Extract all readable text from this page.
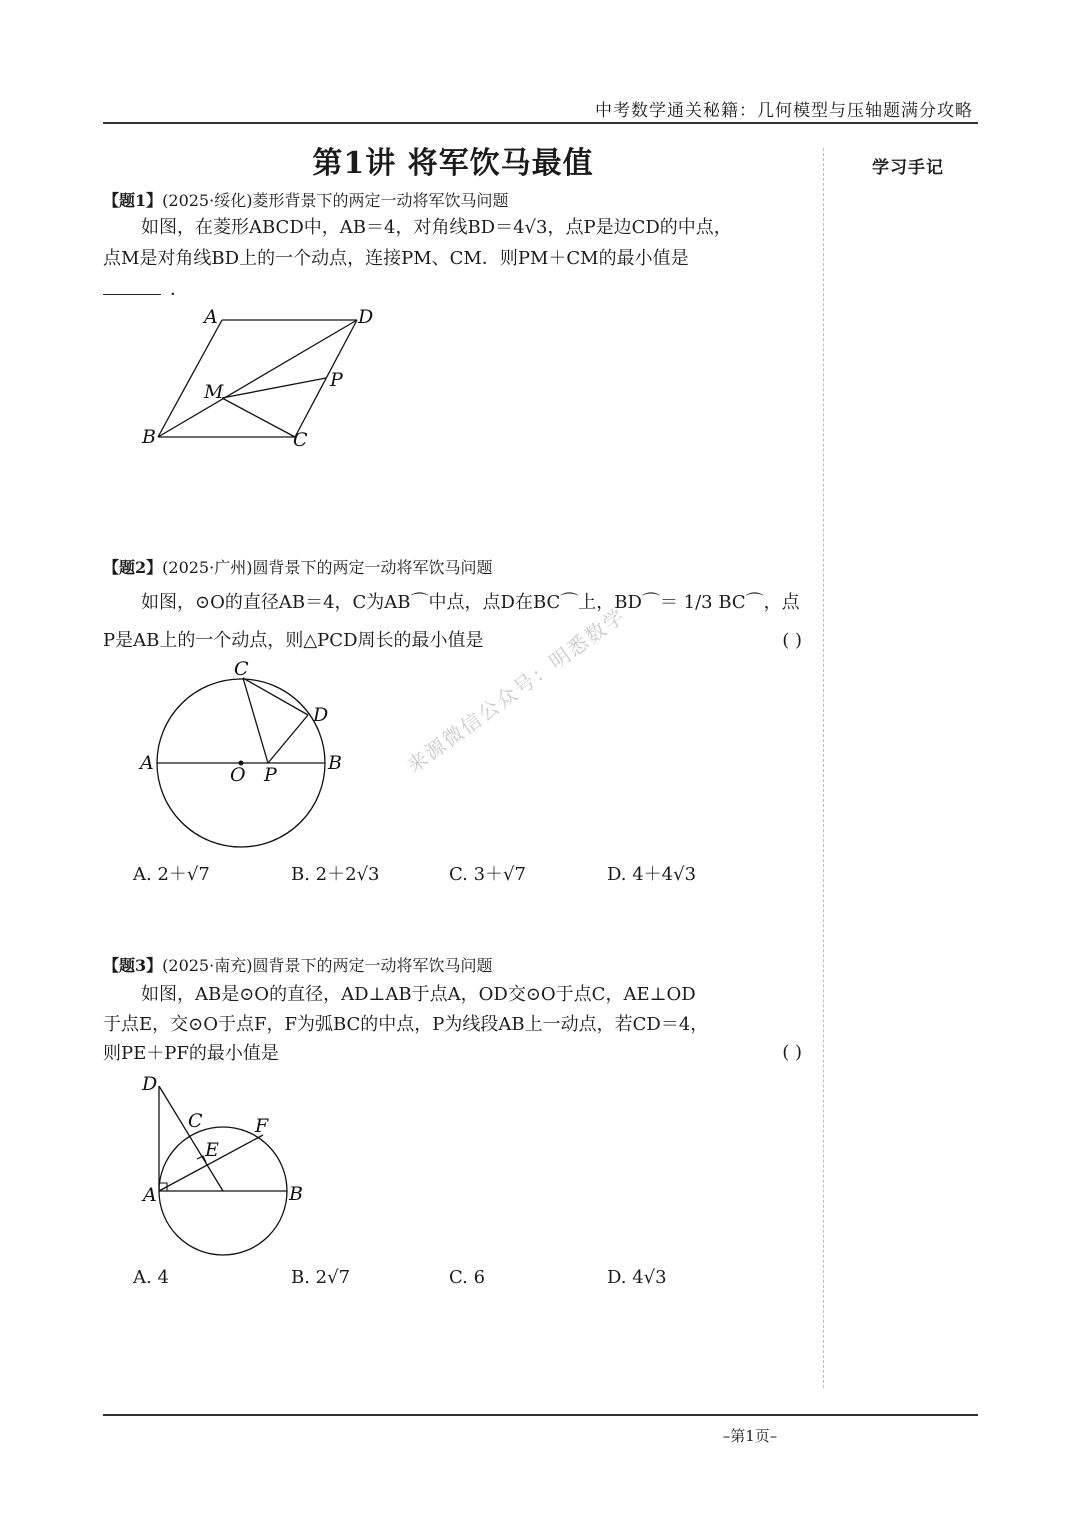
中考数学通关秘籍：几何模型与压轴题满分攻略
学习手记
第1讲 将军饮马最值
【题1】(2025·绥化)菱形背景下的两定一动将军饮马问题
如图，在菱形ABCD中，AB＝4，对角线BD＝4√3，点P是边CD的中点，
点M是对角线BD上的一个动点，连接PM、CM．则PM＋CM的最小值是
．
A	D
M
P
B	C
【题2】(2025·广州)圆背景下的两定一动将军饮马问题
如图，⊙O的直径AB＝4，C为AB⌒中点，点D在BC⌒上，BD⌒＝ 1/3 BC⌒，点
P是AB上的一个动点，则△PCD周长的最小值是	( )
C
D
A	B
O P	来源微信公众号：明悉数学
A. 2＋√7	B. 2＋2√3	C. 3＋√7	D. 4＋4√3
【题3】(2025·南充)圆背景下的两定一动将军饮马问题
如图，AB是⊙O的直径，AD⊥AB于点A，OD交⊙O于点C，AE⊥OD
于点E，交⊙O于点F，F为弧BC的中点，P为线段AB上一动点，若CD＝4，
则PE＋PF的最小值是	( )
D
C	F
E
A	B
A. 4	B. 2√7	C. 6	D. 4√3
–第1页–
